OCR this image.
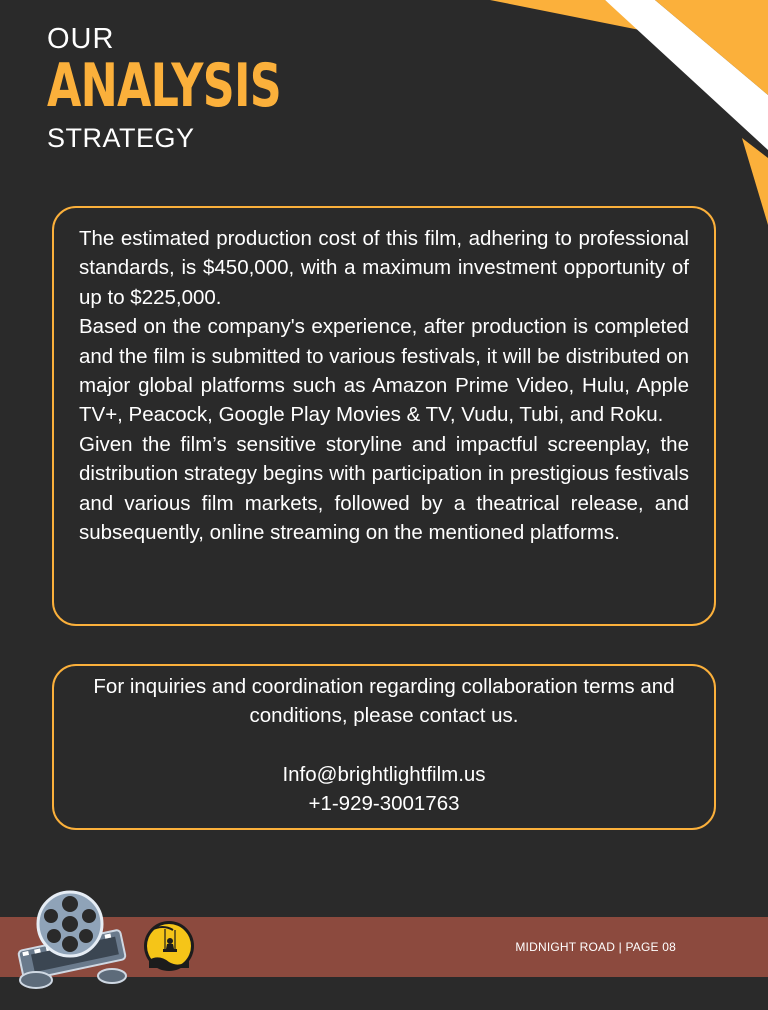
OUR
ANALYSIS
STRATEGY

The estimated production cost of this film, adhering to professional standards, is $450,000, with a maximum investment opportunity of up to $225,000.

Based on the company's experience, after production is completed and the film is submitted to various festivals, it will be distributed on major global platforms such as Amazon Prime Video, Hulu, Apple TV+, Peacock, Google Play Movies & TV, Vudu, Tubi, and Roku.

Given the film’s sensitive storyline and impactful screenplay, the distribution strategy begins with participation in prestigious festivals and various film markets, followed by a theatrical release, and subsequently, online streaming on the mentioned platforms.

For inquiries and coordination regarding collaboration terms and conditions, please contact us.

Info@brightlightfilm.us

+1-929-3001763

MIDNIGHT ROAD | PAGE 08
